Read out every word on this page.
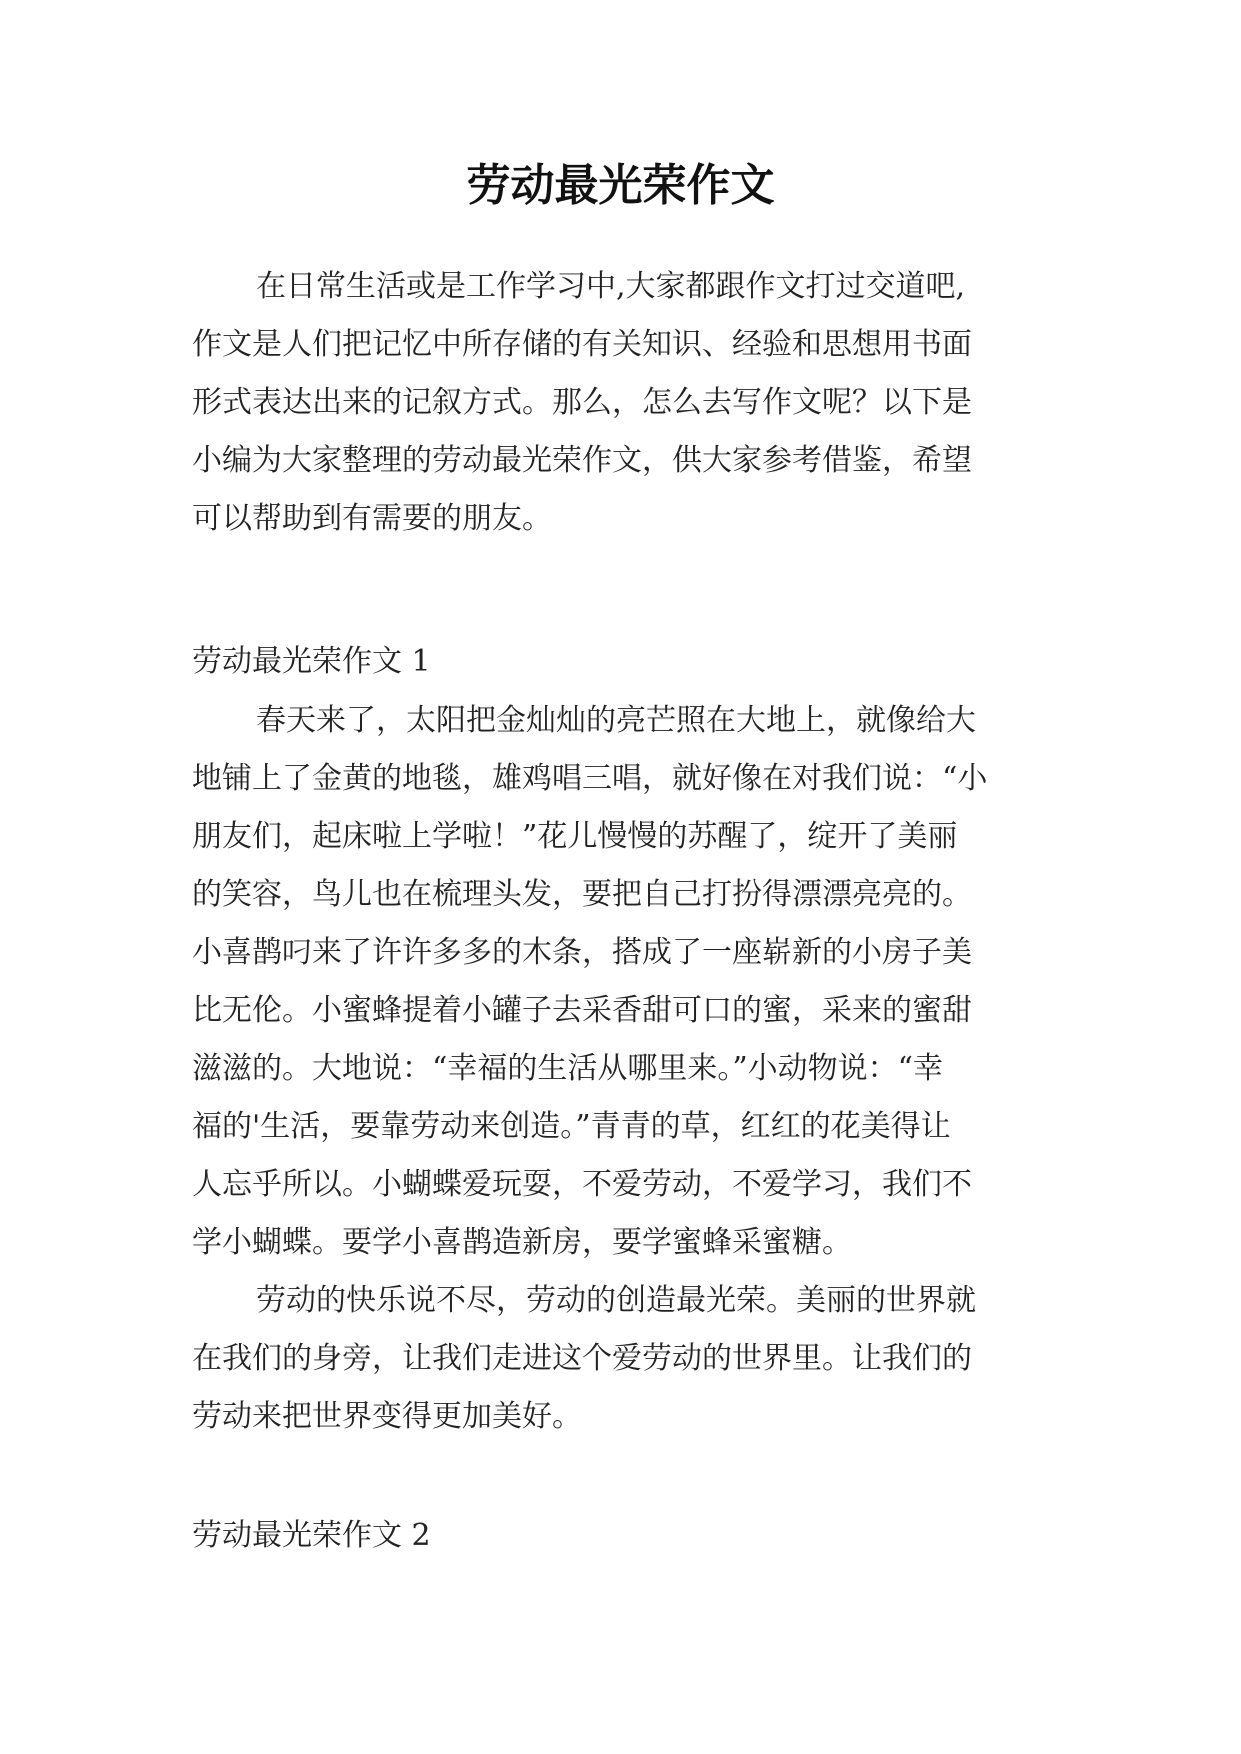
劳动最光荣作文
在日常生活或是工作学习中,大家都跟作文打过交道吧,
作文是人们把记忆中所存储的有关知识、经验和思想用书面
形式表达出来的记叙方式。那么，怎么去写作文呢？以下是
小编为大家整理的劳动最光荣作文，供大家参考借鉴，希望
可以帮助到有需要的朋友。
劳动最光荣作文 1
春天来了，太阳把金灿灿的亮芒照在大地上，就像给大
地铺上了金黄的地毯，雄鸡唱三唱，就好像在对我们说：“小
朋友们，起床啦上学啦！”花儿慢慢的苏醒了，绽开了美丽
的笑容，鸟儿也在梳理头发，要把自己打扮得漂漂亮亮的。
小喜鹊叼来了许许多多的木条，搭成了一座崭新的小房子美
比无伦。小蜜蜂提着小罐子去采香甜可口的蜜，采来的蜜甜
滋滋的。大地说：“幸福的生活从哪里来。”小动物说：“幸
福的'生活，要靠劳动来创造。”青青的草，红红的花美得让
人忘乎所以。小蝴蝶爱玩耍，不爱劳动，不爱学习，我们不
学小蝴蝶。要学小喜鹊造新房，要学蜜蜂采蜜糖。
劳动的快乐说不尽，劳动的创造最光荣。美丽的世界就
在我们的身旁，让我们走进这个爱劳动的世界里。让我们的
劳动来把世界变得更加美好。
劳动最光荣作文 2
